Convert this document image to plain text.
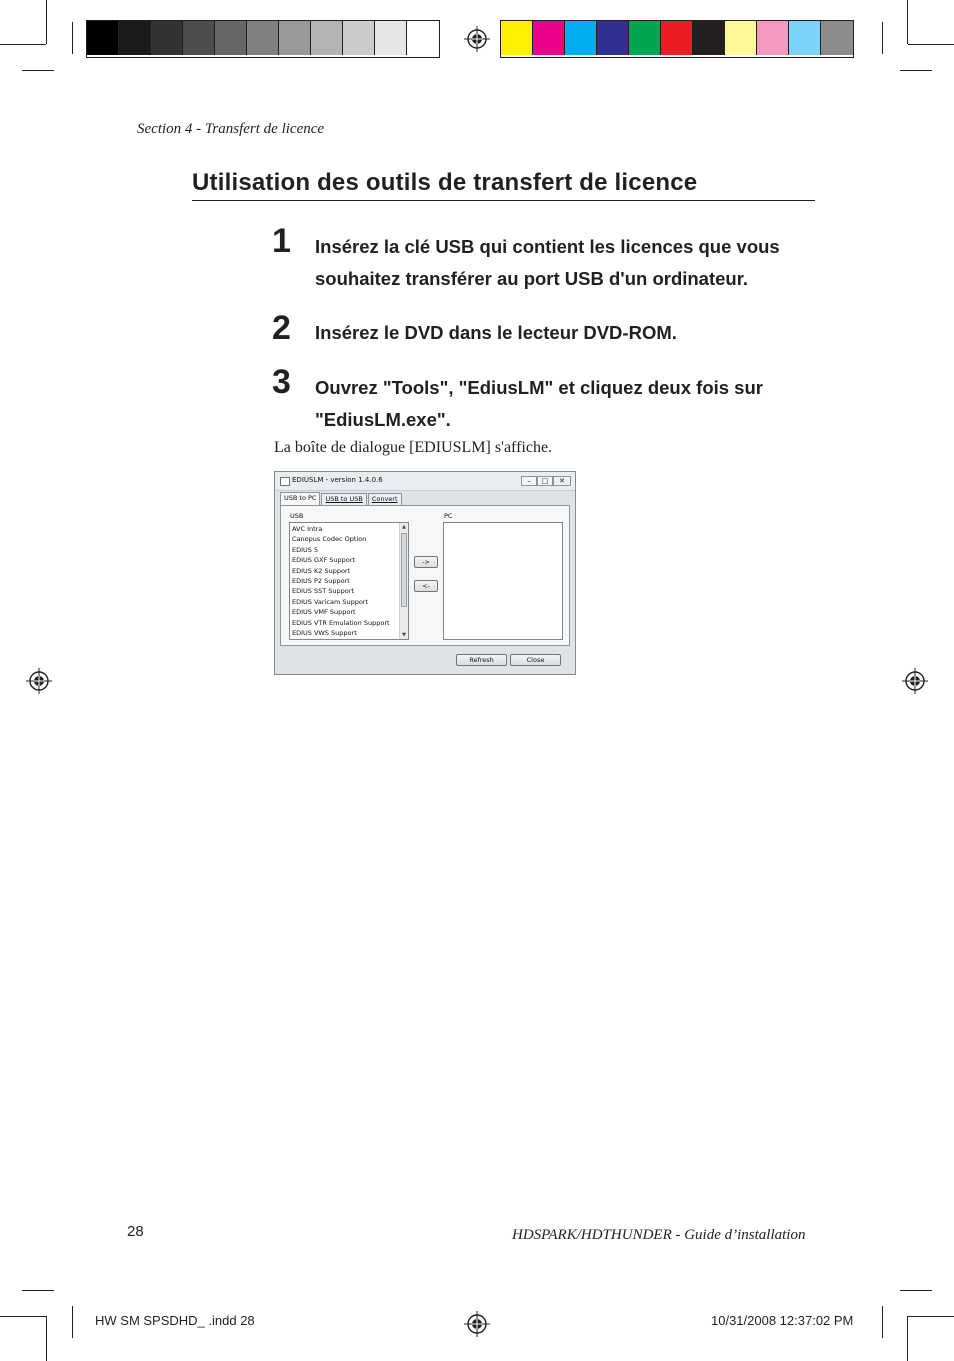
Section 4 - Transfert de licence
Utilisation des outils de transfert de licence
1	Insérez la clé USB qui contient les licences que vous
souhaitez transférer au port USB d'un ordinateur.
2	Insérez le DVD dans le lecteur DVD-ROM.
3	Ouvrez "Tools", "EdiusLM" et cliquez deux fois sur
"EdiusLM.exe".
La boîte de dialogue [EDIUSLM] s'affiche.
EDIUSLM - version 1.4.0.6	–	□	✕
USB to PC	USB to USB	Convert
USB	PC
AVC Intra
Canopus Codec Option
EDIUS 5
EDIUS GXF Support
EDIUS K2 Support
EDIUS P2 Support
EDIUS SST Support
EDIUS Varicam Support
EDIUS VMF Support
EDIUS VTR Emulation Support
EDIUS VWS Support
▲
▼
->
<-
Refresh	Close
28	HDSPARK/HDTHUNDER - Guide d’installation
HW SM SPSDHD_ .indd 28	10/31/2008 12:37:02 PM
